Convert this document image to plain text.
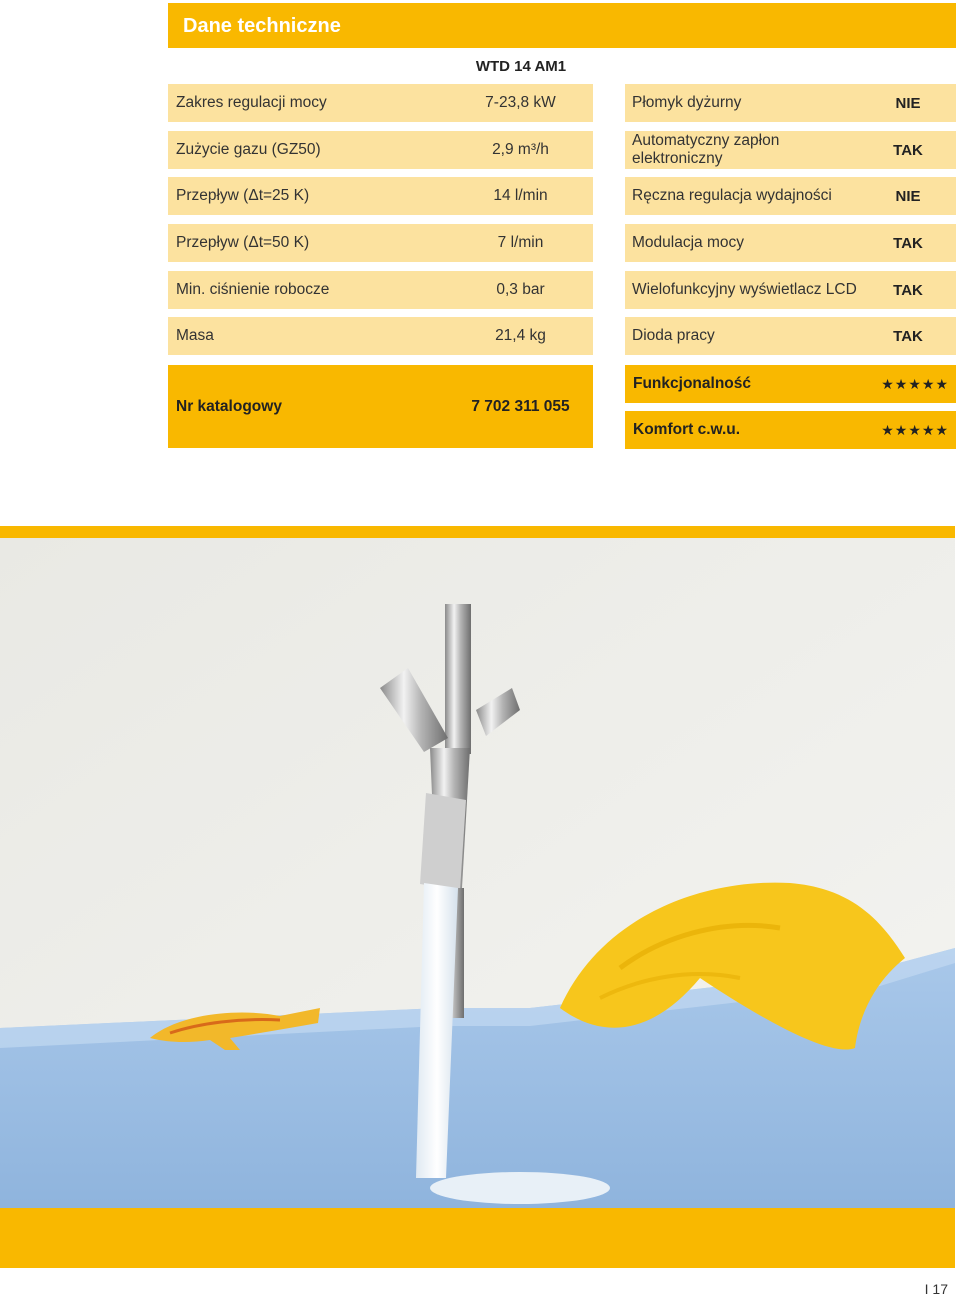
Dane techniczne
WTD 14 AM1
Zakres regulacji mocy	7-23,8 kW
Zużycie gazu (GZ50)	2,9 m³/h
Przepływ (Δt=25 K)	14 l/min
Przepływ (Δt=50 K)	7 l/min
Min. ciśnienie robocze	0,3 bar
Masa	21,4 kg
Płomyk dyżurny	NIE
Automatyczny zapłon elektroniczny	TAK
Ręczna regulacja wydajności	NIE
Modulacja mocy	TAK
Wielofunkcyjny wyświetlacz LCD	TAK
Dioda pracy	TAK
Nr katalogowy	7 702 311 055
Funkcjonalność	★ ★ ★ ★ ★
Komfort c.w.u.	★ ★ ★ ★ ★
I 17
